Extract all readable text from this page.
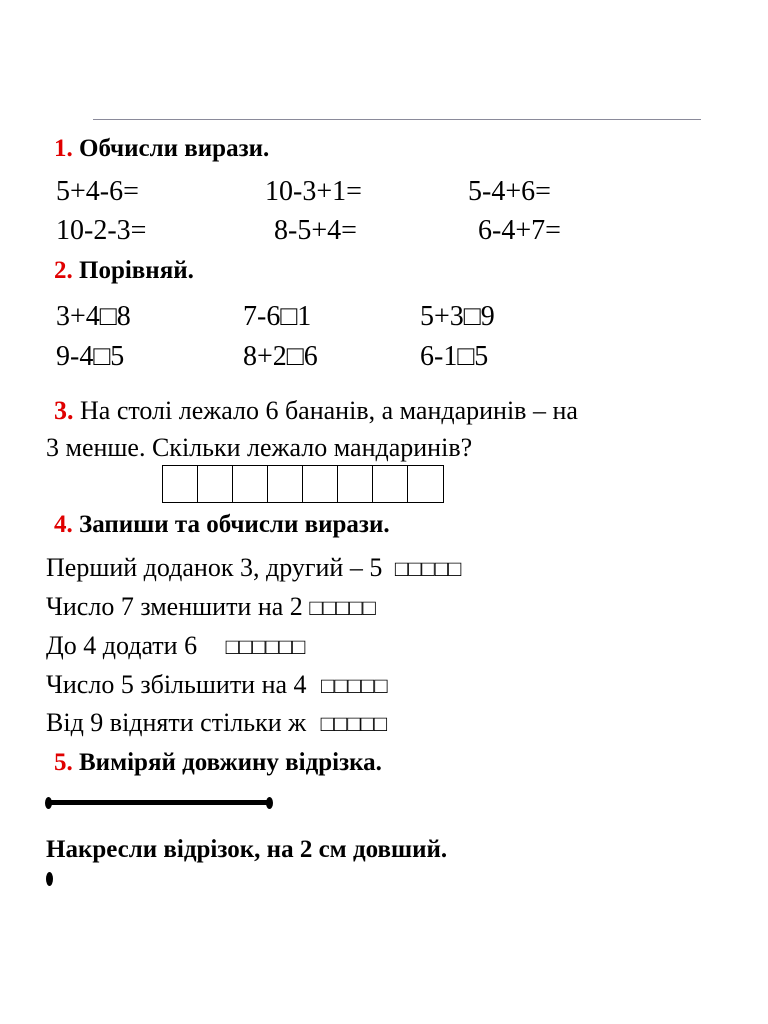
1. Обчисли вирази.
5+4-6=	10-3+1=	5-4+6=
10-2-3=	8-5+4=	6-4+7=
2. Порівняй.
3+4□8	7-6□1	5+3□9
9-4□5	8+2□6	6-1□5
3. На столі лежало 6 бананів, а мандаринів – на
3 менше. Скільки лежало мандаринів?
4. Запиши та обчисли вирази.
Перший доданок 3, другий – 5 □□□□□
Число 7 зменшити на 2 □□□□□
До 4 додати 6 □□□□□□
Число 5 збільшити на 4 □□□□□
Від 9 відняти стільки ж □□□□□
5. Виміряй довжину відрізка.
Накресли відрізок, на 2 см довший.
